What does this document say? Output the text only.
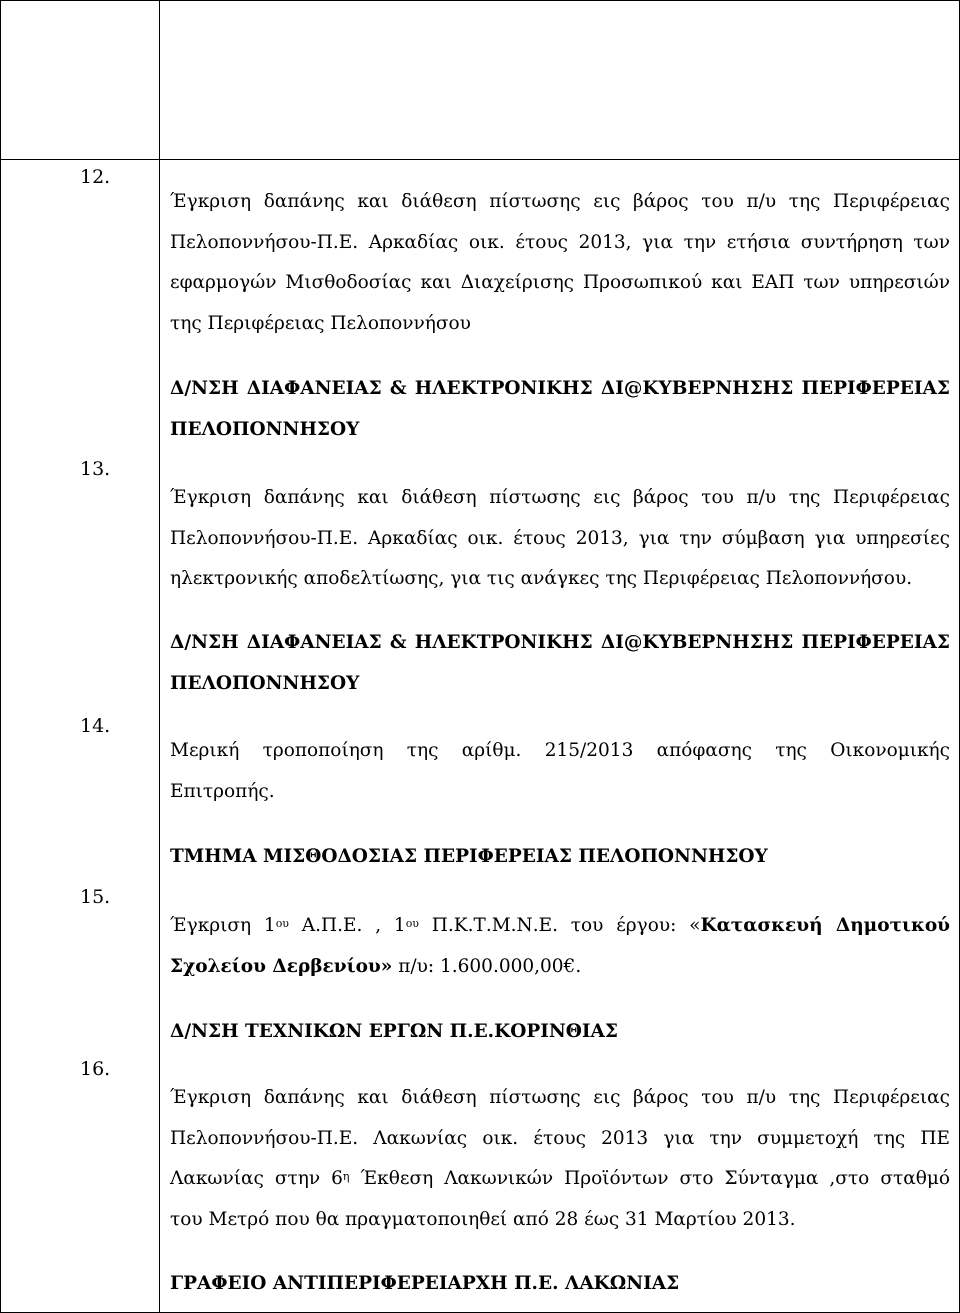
12.
Έγκριση δαπάνης και διάθεση πίστωσης εις βάρος του π/υ της Περιφέρειας
Πελοποννήσου-Π.Ε. Αρκαδίας οικ. έτους 2013, για την ετήσια συντήρηση των
εφαρμογών Μισθοδοσίας και Διαχείρισης Προσωπικού και ΕΑΠ των υπηρεσιών
της Περιφέρειας Πελοποννήσου
Δ/ΝΣΗ ΔΙΑΦΑΝΕΙΑΣ & ΗΛΕΚΤΡΟΝΙΚΗΣ ΔΙ@ΚΥΒΕΡΝΗΣΗΣ ΠΕΡΙΦΕΡΕΙΑΣ
ΠΕΛΟΠΟΝΝΗΣΟΥ
13.
Έγκριση δαπάνης και διάθεση πίστωσης εις βάρος του π/υ της Περιφέρειας
Πελοποννήσου-Π.Ε. Αρκαδίας οικ. έτους 2013, για την σύμβαση για υπηρεσίες
ηλεκτρονικής αποδελτίωσης, για τις ανάγκες της Περιφέρειας Πελοποννήσου.
Δ/ΝΣΗ ΔΙΑΦΑΝΕΙΑΣ & ΗΛΕΚΤΡΟΝΙΚΗΣ ΔΙ@ΚΥΒΕΡΝΗΣΗΣ ΠΕΡΙΦΕΡΕΙΑΣ
ΠΕΛΟΠΟΝΝΗΣΟΥ
14.
Μερική τροποποίηση της αρίθμ. 215/2013 απόφασης της Οικονομικής
Επιτροπής.
ΤΜΗΜΑ ΜΙΣΘΟΔΟΣΙΑΣ ΠΕΡΙΦΕΡΕΙΑΣ ΠΕΛΟΠΟΝΝΗΣΟΥ
15.
Έγκριση $1^{o\upsilon}$ Α.Π.Ε. , $1^{o\upsilon}$ Π.Κ.Τ.Μ.Ν.Ε. του έργου: «Κατασκευή Δημοτικού
Σχολείου Δερβενίου» π/υ: 1.600.000,00€.
Δ/ΝΣΗ ΤΕΧΝΙΚΩΝ ΕΡΓΩΝ Π.Ε.ΚΟΡΙΝΘΙΑΣ
16.
Έγκριση δαπάνης και διάθεση πίστωσης εις βάρος του π/υ της Περιφέρειας
Πελοποννήσου-Π.Ε. Λακωνίας οικ. έτους 2013 για την συμμετοχή της ΠΕ
Λακωνίας στην $6^\eta$ Έκθεση Λακωνικών Προϊόντων στο Σύνταγμα ,στο σταθμό
του Μετρό που θα πραγματοποιηθεί από 28 έως 31 Μαρτίου 2013.
ΓΡΑΦΕΙΟ ΑΝΤΙΠΕΡΙΦΕΡΕΙΑΡΧΗ Π.Ε. ΛΑΚΩΝΙΑΣ
